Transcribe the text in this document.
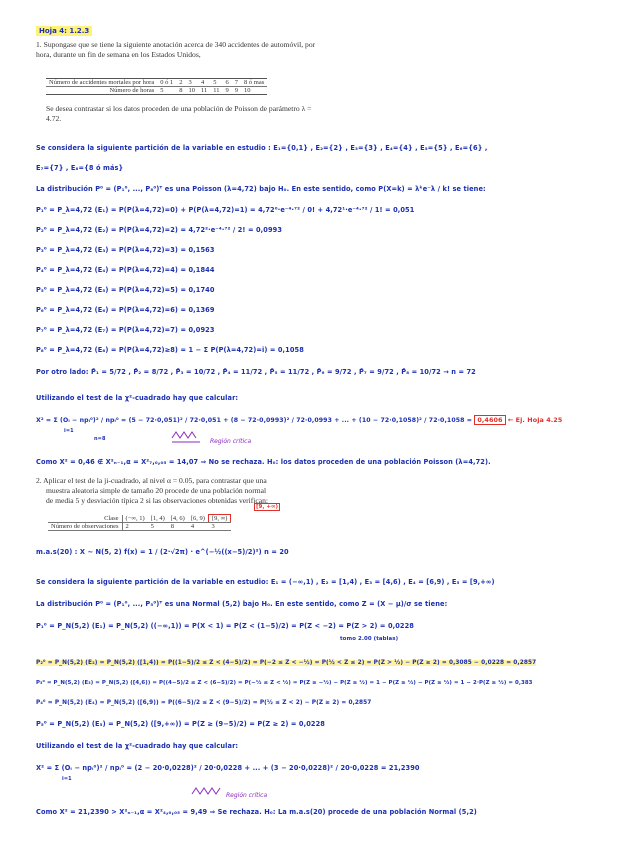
Hoja 4: 1.2.3
1. Supongase que se tiene la siguiente anotación acerca de 340 accidentes de automóvil, por hora, durante un fin de semana en los Estados Unidos,
Número de accidentes mortales por hora	0 ó 1	2	3	4	5	6	7	8 ó mas
Número de horas	5	8	10	11	11	9	9	10
Se desea contrastar si los datos proceden de una población de Poisson de parámetro λ = 4.72.
Se considera la siguiente partición de la variable en estudio : E₁={0,1} , E₂={2} , E₃={3} , E₄={4} , E₅={5} , E₆={6} ,
E₇={7} , E₈={8 ó más}
La distribución P⁰ = (P₁⁰, ..., P₈⁰)ᵀ es una Poisson (λ=4,72) bajo H₀. En este sentido, como P(X=k) = λᵏe⁻λ / k! se tiene:
P₁⁰ = P_λ=4,72 (E₁) = P(P(λ=4,72)=0) + P(P(λ=4,72)=1) = 4,72⁰·e⁻⁴·⁷² / 0! + 4,72¹·e⁻⁴·⁷² / 1! = 0,051
P₂⁰ = P_λ=4,72 (E₂) = P(P(λ=4,72)=2) = 4,72²·e⁻⁴·⁷² / 2! = 0,0993
P₃⁰ = P_λ=4,72 (E₃) = P(P(λ=4,72)=3) = 0,1563
P₄⁰ = P_λ=4,72 (E₄) = P(P(λ=4,72)=4) = 0,1844
P₅⁰ = P_λ=4,72 (E₅) = P(P(λ=4,72)=5) = 0,1740
P₆⁰ = P_λ=4,72 (E₆) = P(P(λ=4,72)=6) = 0,1369
P₇⁰ = P_λ=4,72 (E₇) = P(P(λ=4,72)=7) = 0,0923
P₈⁰ = P_λ=4,72 (E₈) = P(P(λ=4,72)≥8) = 1 − Σ P(P(λ=4,72)=i) = 0,1058
Por otro lado: P̂₁ = 5/72 , P̂₂ = 8/72 , P̂₃ = 10/72 , P̂₄ = 11/72 , P̂₅ = 11/72 , P̂₆ = 9/72 , P̂₇ = 9/72 , P̂₈ = 10/72 → n = 72
Utilizando el test de la χ²-cuadrado hay que calcular:
X² = Σ (Oᵢ − npᵢ⁰)² / npᵢ⁰ = (5 − 72·0,051)² / 72·0,051 + (8 − 72·0,0993)² / 72·0,0993 + ... + (10 − 72·0,1058)² / 72·0,1058 = 0,4606 ← Ej. Hoja 4.25
i=1
n=8	Región crítica
Como X² = 0,46 ∉ X²ₙ₋₁,α = X²₇,₀,₀₅ = 14,07 ⇒ No se rechaza. H₀: los datos proceden de una población Poisson (λ=4,72).
2. Aplicar el test de la ji-cuadrado, al nivel α = 0.05, para contrastar que una
muestra aleatoria simple de tamaño 20 procede de una población normal
de media 5 y desviación típica 2 si las observaciones obtenidas verifican:
[9, +∞)
Clase	(−∞, 1)	[1, 4)	[4, 6)	[6, 9)	[9, ∞)
Número de observaciones	2	5	8	4	3
m.a.s(20) : X ~ N(5, 2) f(x) = 1 / (2·√2π) · e^(−½((x−5)/2)²) n = 20
Se considera la siguiente partición de la variable en estudio: E₁ = (−∞,1) , E₂ = [1,4) , E₃ = [4,6) , E₄ = [6,9) , E₅ = [9,+∞)
La distribución P⁰ = (P₁⁰, ..., P₅⁰)ᵀ es una Normal (5,2) bajo H₀. En este sentido, como Z = (X − μ)/σ se tiene:
P₁⁰ = P_N(5,2) (E₁) = P_N(5,2) ((−∞,1)) = P(X < 1) = P(Z < (1−5)/2) = P(Z < −2) = P(Z > 2) = 0,0228
tomo 2.00 (tablas)
P₂⁰ = P_N(5,2) (E₂) = P_N(5,2) ([1,4)) = P((1−5)/2 ≤ Z < (4−5)/2) = P(−2 ≤ Z < −½) = P(½ < Z ≤ 2) = P(Z > ½) − P(Z ≥ 2) = 0,3085 − 0,0228 = 0,2857
P₃⁰ = P_N(5,2) (E₃) = P_N(5,2) ([4,6)) = P((4−5)/2 ≤ Z < (6−5)/2) = P(−½ ≤ Z < ½) = P(Z ≥ −½) − P(Z ≥ ½) = 1 − P(Z ≥ ½) − P(Z ≥ ½) = 1 − 2·P(Z ≥ ½) = 0,383
P₄⁰ = P_N(5,2) (E₄) = P_N(5,2) ([6,9)) = P((6−5)/2 ≤ Z < (9−5)/2) = P(½ ≤ Z < 2) − P(Z ≥ 2) = 0,2857
P₅⁰ = P_N(5,2) (E₅) = P_N(5,2) ([9,+∞)) = P(Z ≥ (9−5)/2) = P(Z ≥ 2) = 0,0228
Utilizando el test de la χ²-cuadrado hay que calcular:
X² = Σ (Oᵢ − npᵢ⁰)² / npᵢ⁰ = (2 − 20·0,0228)² / 20·0,0228 + ... + (3 − 20·0,0228)² / 20·0,0228 = 21,2390
i=1
Región crítica
Como X² = 21,2390 > X²ₙ₋₁,α = X²₄,₀,₀₅ = 9,49 ⇒ Se rechaza. H₀: La m.a.s(20) procede de una población Normal (5,2)
